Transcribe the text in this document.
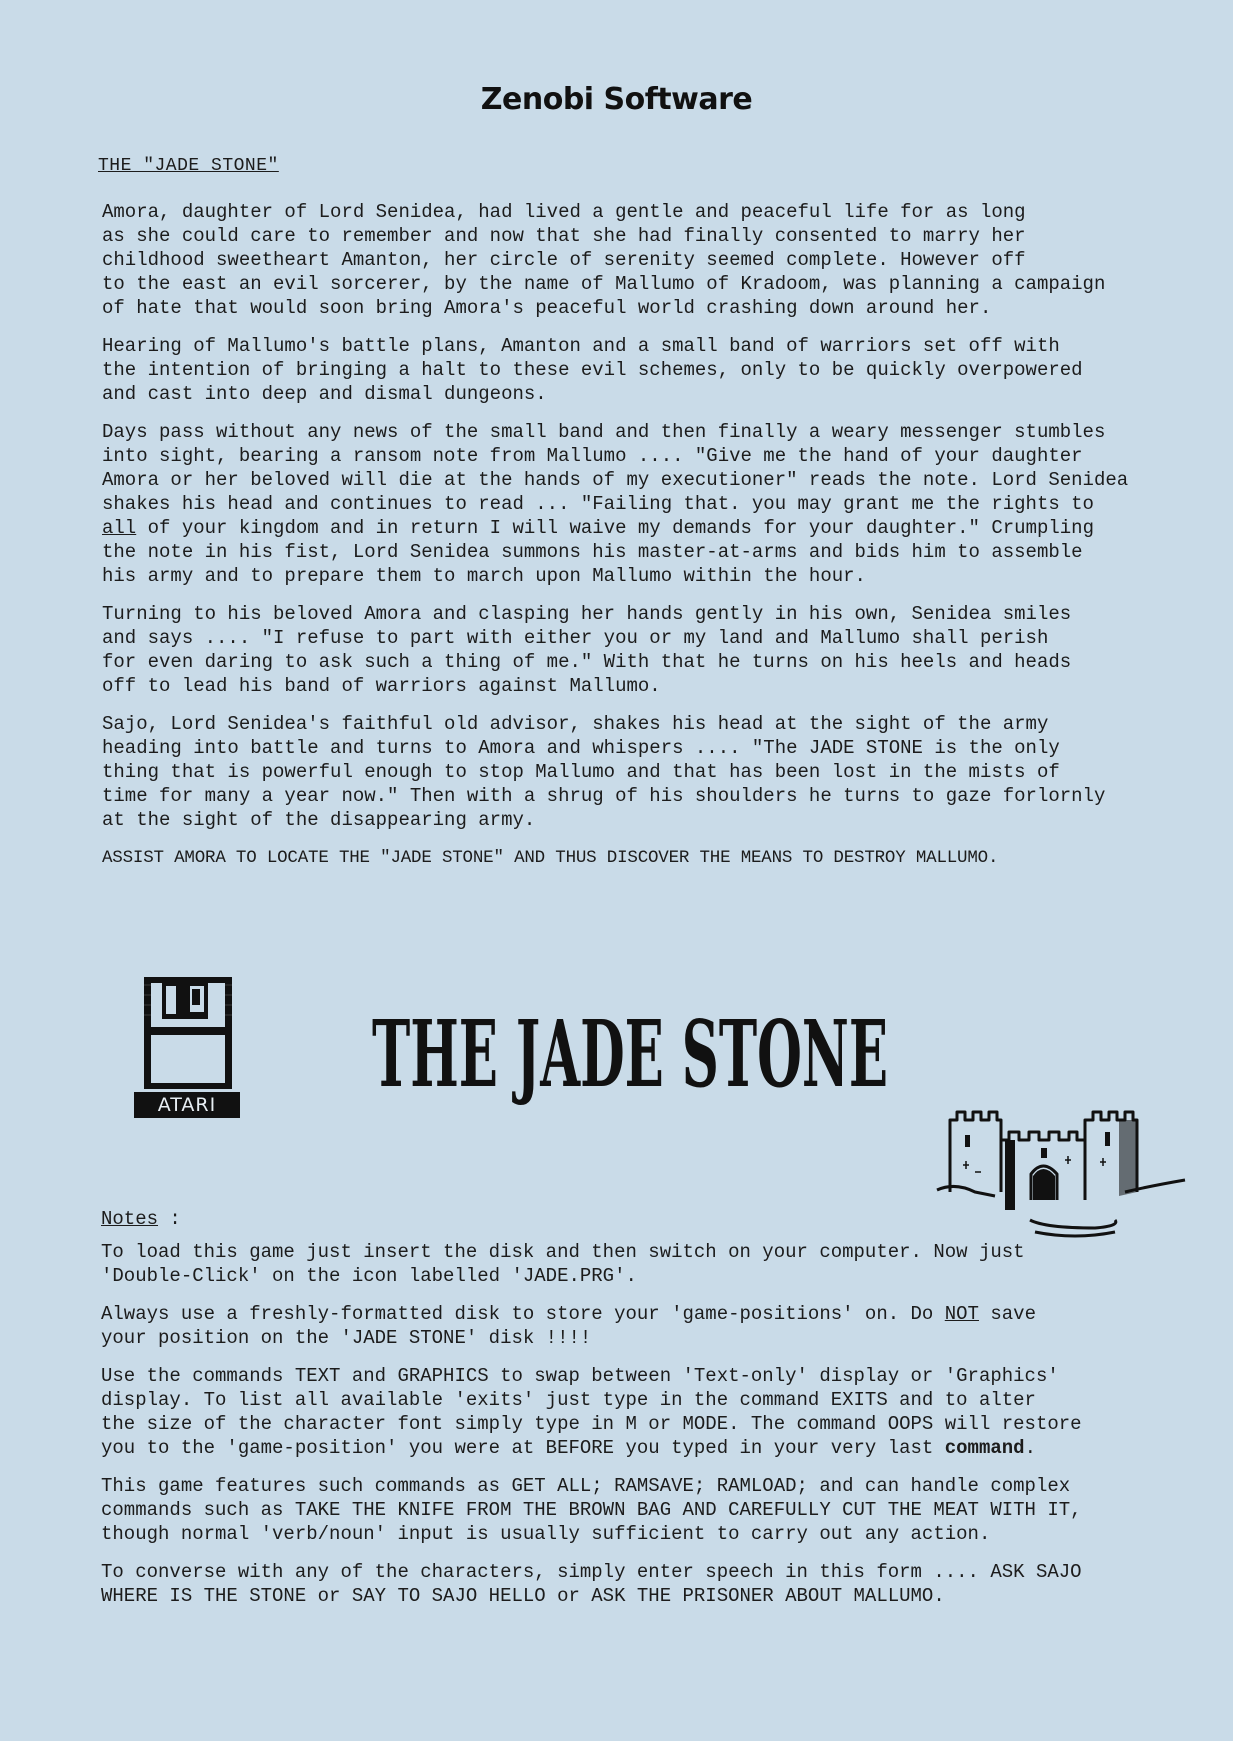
Zenobi Software
THE "JADE STONE"

Amora, daughter of Lord Senidea, had lived a gentle and peaceful life for as long
as she could care to remember and now that she had finally consented to marry her
childhood sweetheart Amanton, her circle of serenity seemed complete. However off
to the east an evil sorcerer, by the name of Mallumo of Kradoom, was planning a campaign
of hate that would soon bring Amora's peaceful world crashing down around her.

Hearing of Mallumo's battle plans, Amanton and a small band of warriors set off with
the intention of bringing a halt to these evil schemes, only to be quickly overpowered
and cast into deep and dismal dungeons.

Days pass without any news of the small band and then finally a weary messenger stumbles
into sight, bearing a ransom note from Mallumo .... "Give me the hand of your daughter
Amora or her beloved will die at the hands of my executioner" reads the note. Lord Senidea
shakes his head and continues to read ... "Failing that. you may grant me the rights to
all of your kingdom and in return I will waive my demands for your daughter." Crumpling
the note in his fist, Lord Senidea summons his master-at-arms and bids him to assemble
his army and to prepare them to march upon Mallumo within the hour.

Turning to his beloved Amora and clasping her hands gently in his own, Senidea smiles
and says .... "I refuse to part with either you or my land and Mallumo shall perish
for even daring to ask such a thing of me." With that he turns on his heels and heads
off to lead his band of warriors against Mallumo.

Sajo, Lord Senidea's faithful old advisor, shakes his head at the sight of the army
heading into battle and turns to Amora and whispers .... "The JADE STONE is the only
thing that is powerful enough to stop Mallumo and that has been lost in the mists of
time for many a year now." Then with a shrug of his shoulders he turns to gaze forlornly
at the sight of the disappearing army.

ASSIST AMORA TO LOCATE THE "JADE STONE" AND THUS DISCOVER THE MEANS TO DESTROY MALLUMO.

ATARI THE JADE STONE
Notes :

To load this game just insert the disk and then switch on your computer. Now just
'Double-Click' on the icon labelled 'JADE.PRG'.

Always use a freshly-formatted disk to store your 'game-positions' on. Do NOT save
your position on the 'JADE STONE' disk !!!!

Use the commands TEXT and GRAPHICS to swap between 'Text-only' display or 'Graphics'
display. To list all available 'exits' just type in the command EXITS and to alter
the size of the character font simply type in M or MODE. The command OOPS will restore
you to the 'game-position' you were at BEFORE you typed in your very last command.

This game features such commands as GET ALL; RAMSAVE; RAMLOAD; and can handle complex
commands such as TAKE THE KNIFE FROM THE BROWN BAG AND CAREFULLY CUT THE MEAT WITH IT,
though normal 'verb/noun' input is usually sufficient to carry out any action.

To converse with any of the characters, simply enter speech in this form .... ASK SAJO
WHERE IS THE STONE or SAY TO SAJO HELLO or ASK THE PRISONER ABOUT MALLUMO.
